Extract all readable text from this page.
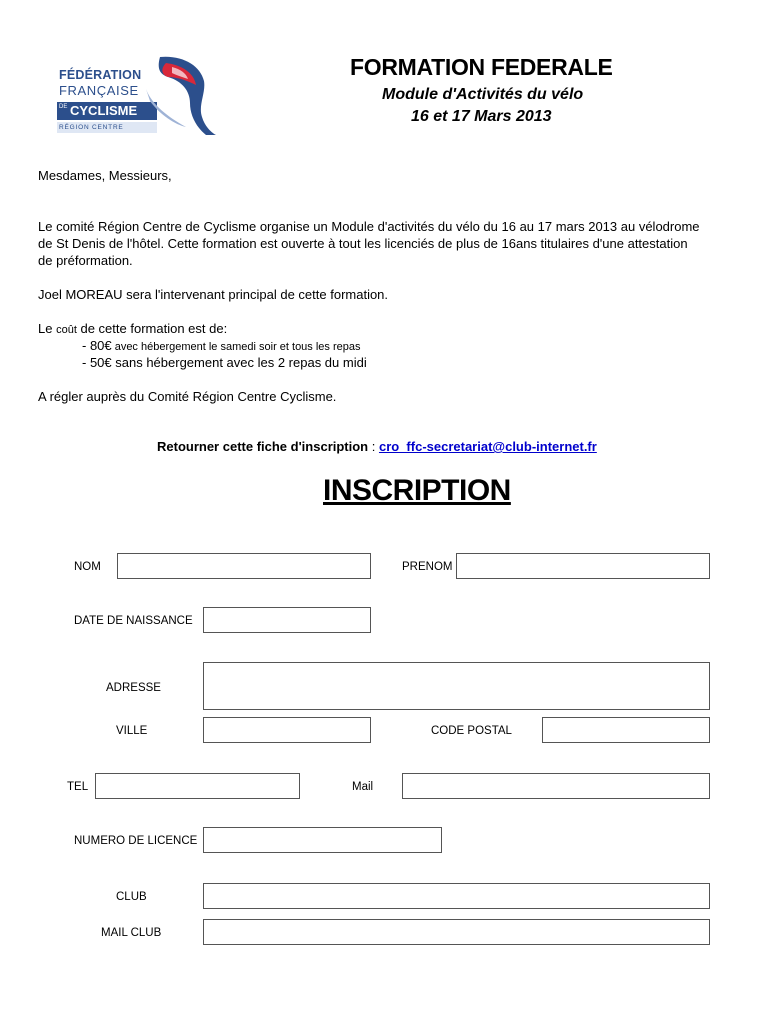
FÉDÉRATION
FRANÇAISE
DE CYCLISME
RÉGION CENTRE
FORMATION FEDERALE
Module d'Activités du vélo
16 et 17 Mars 2013
Mesdames, Messieurs,
Le comité Région Centre de Cyclisme organise un Module d'activités du vélo du 16 au 17 mars 2013 au vélodrome
de St Denis de l'hôtel. Cette formation est ouverte à tout les licenciés de plus de 16ans titulaires d'une attestation
de préformation.
Joel MOREAU sera l'intervenant principal de cette formation.
Le coût de cette formation est de:
- 80€ avec hébergement le samedi soir et tous les repas
- 50€ sans hébergement avec les 2 repas du midi
A régler auprès du Comité Région Centre Cyclisme.
Retourner cette fiche d'inscription : cro_ffc-secretariat@club-internet.fr
INSCRIPTION
NOM	PRENOM
DATE DE NAISSANCE
ADRESSE
VILLE	CODE POSTAL
TEL	Mail
NUMERO DE LICENCE
CLUB
MAIL CLUB
